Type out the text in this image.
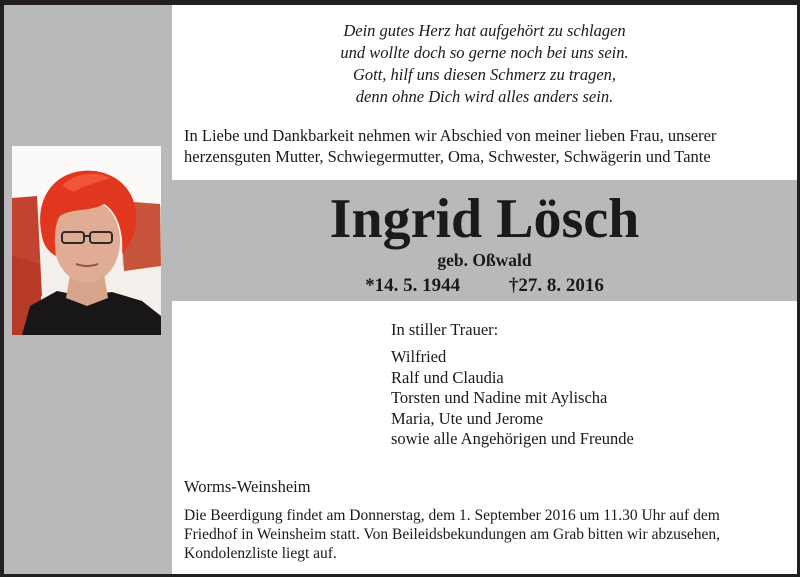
Dein gutes Herz hat aufgehört zu schlagen
und wollte doch so gerne noch bei uns sein.
Gott, hilf uns diesen Schmerz zu tragen,
denn ohne Dich wird alles anders sein.
In Liebe und Dankbarkeit nehmen wir Abschied von meiner lieben Frau, unserer
herzensguten Mutter, Schwiegermutter, Oma, Schwester, Schwägerin und Tante
Ingrid Lösch
geb. Oßwald
*14. 5. 1944	†27. 8. 2016
In stiller Trauer:
Wilfried
Ralf und Claudia
Torsten und Nadine mit Aylischa
Maria, Ute und Jerome
sowie alle Angehörigen und Freunde
Worms-Weinsheim
Die Beerdigung findet am Donnerstag, dem 1. September 2016 um 11.30 Uhr auf dem
Friedhof in Weinsheim statt. Von Beileidsbekundungen am Grab bitten wir abzusehen,
Kondolenzliste liegt auf.
